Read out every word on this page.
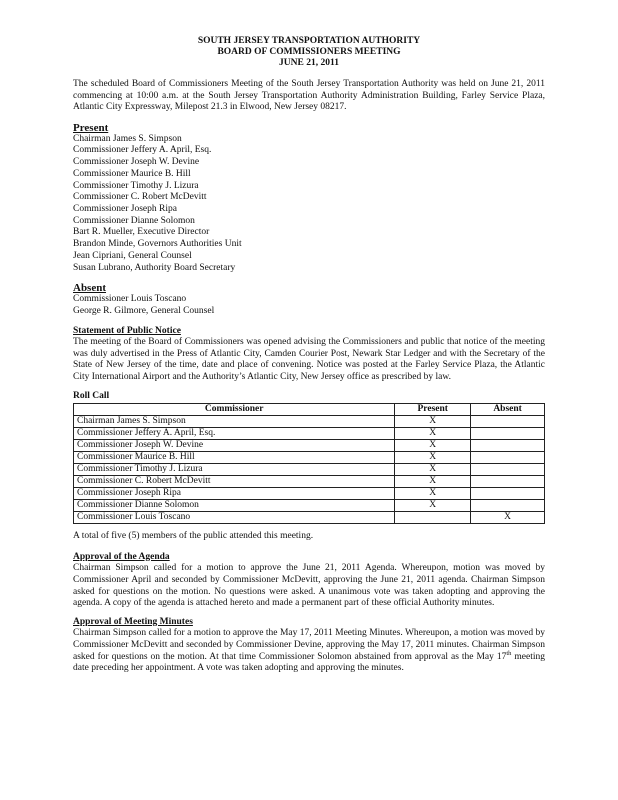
SOUTH JERSEY TRANSPORTATION AUTHORITY
BOARD OF COMMISSIONERS MEETING
JUNE 21, 2011

The scheduled Board of Commissioners Meeting of the South Jersey Transportation Authority was held on June 21, 2011 commencing at 10:00 a.m. at the South Jersey Transportation Authority Administration Building, Farley Service Plaza, Atlantic City Expressway, Milepost 21.3 in Elwood, New Jersey 08217.

Present
Chairman James S. Simpson
Commissioner Jeffery A. April, Esq.
Commissioner Joseph W. Devine
Commissioner Maurice B. Hill
Commissioner Timothy J. Lizura
Commissioner C. Robert McDevitt
Commissioner Joseph Ripa
Commissioner Dianne Solomon
Bart R. Mueller, Executive Director
Brandon Minde, Governors Authorities Unit
Jean Cipriani, General Counsel
Susan Lubrano, Authority Board Secretary
Absent
Commissioner Louis Toscano
George R. Gilmore, General Counsel
Statement of Public Notice

The meeting of the Board of Commissioners was opened advising the Commissioners and public that notice of the meeting was duly advertised in the Press of Atlantic City, Camden Courier Post, Newark Star Ledger and with the Secretary of the State of New Jersey of the time, date and place of convening. Notice was posted at the Farley Service Plaza, the Atlantic City International Airport and the Authority’s Atlantic City, New Jersey office as prescribed by law.

Roll Call
Commissioner	Present	Absent
Chairman James S. Simpson	X	
Commissioner Jeffery A. April, Esq.	X	
Commissioner Joseph W. Devine	X	
Commissioner Maurice B. Hill	X	
Commissioner Timothy J. Lizura	X	
Commissioner C. Robert McDevitt	X	
Commissioner Joseph Ripa	X	
Commissioner Dianne Solomon	X	
Commissioner Louis Toscano		X

A total of five (5) members of the public attended this meeting.

Approval of the Agenda

Chairman Simpson called for a motion to approve the June 21, 2011 Agenda. Whereupon, motion was moved by Commissioner April and seconded by Commissioner McDevitt, approving the June 21, 2011 agenda. Chairman Simpson asked for questions on the motion. No questions were asked. A unanimous vote was taken adopting and approving the agenda. A copy of the agenda is attached hereto and made a permanent part of these official Authority minutes.

Approval of Meeting Minutes

Chairman Simpson called for a motion to approve the May 17, 2011 Meeting Minutes. Whereupon, a motion was moved by Commissioner McDevitt and seconded by Commissioner Devine, approving the May 17, 2011 minutes. Chairman Simpson asked for questions on the motion. At that time Commissioner Solomon abstained from approval as the May 17th meeting date preceding her appointment. A vote was taken adopting and approving the minutes.
